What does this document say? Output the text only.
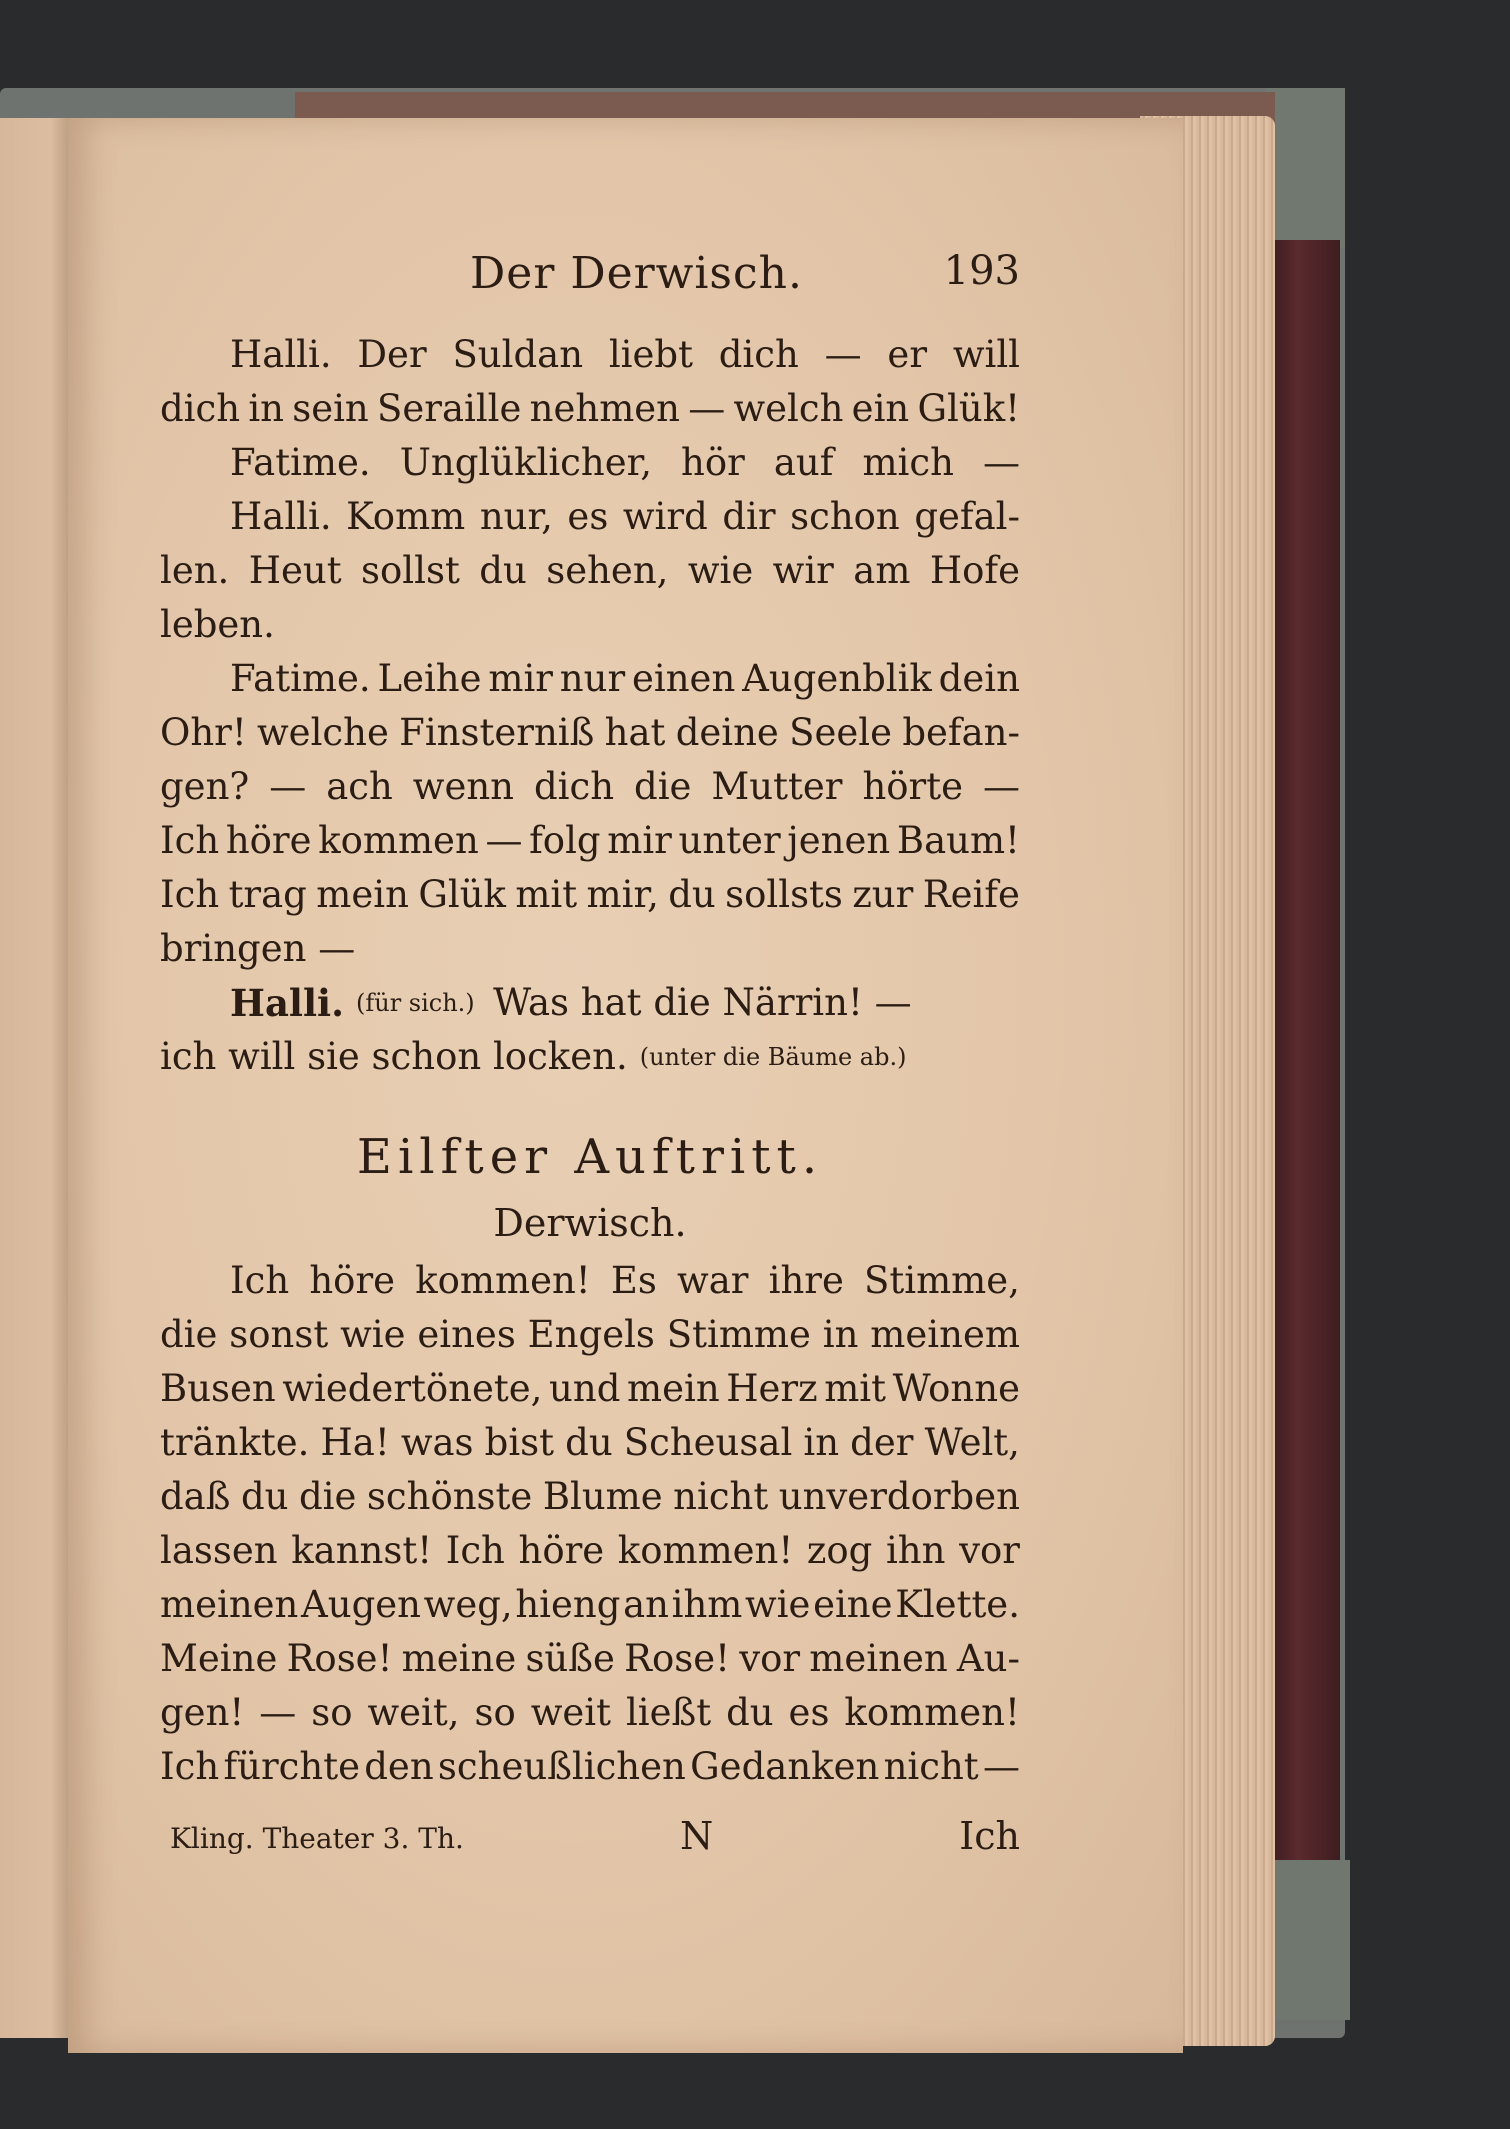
Der Derwisch.	193
Halli. Der Suldan liebt dich — er will
dich in sein Seraille nehmen — welch ein Glük!
Fatime. Unglüklicher, hör auf mich —
Halli. Komm nur, es wird dir schon gefal-
len. Heut sollst du sehen, wie wir am Hofe
leben.
Fatime. Leihe mir nur einen Augenblik dein
Ohr! welche Finsterniß hat deine Seele befan-
gen? — ach wenn dich die Mutter hörte —
Ich höre kommen — folg mir unter jenen Baum!
Ich trag mein Glük mit mir, du sollsts zur Reife
bringen —
Halli. (für sich.) Was hat die Närrin! —
ich will sie schon locken. (unter die Bäume ab.)
Eilfter Auftritt.
Derwisch.
Ich höre kommen! Es war ihre Stimme,
die sonst wie eines Engels Stimme in meinem
Busen wiedertönete, und mein Herz mit Wonne
tränkte. Ha! was bist du Scheusal in der Welt,
daß du die schönste Blume nicht unverdorben
lassen kannst! Ich höre kommen! zog ihn vor
meinen Augen weg, hieng an ihm wie eine Klette.
Meine Rose! meine süße Rose! vor meinen Au-
gen! — so weit, so weit ließt du es kommen!
Ich fürchte den scheußlichen Gedanken nicht —
Kling. Theater 3. Th.	N	Ich
